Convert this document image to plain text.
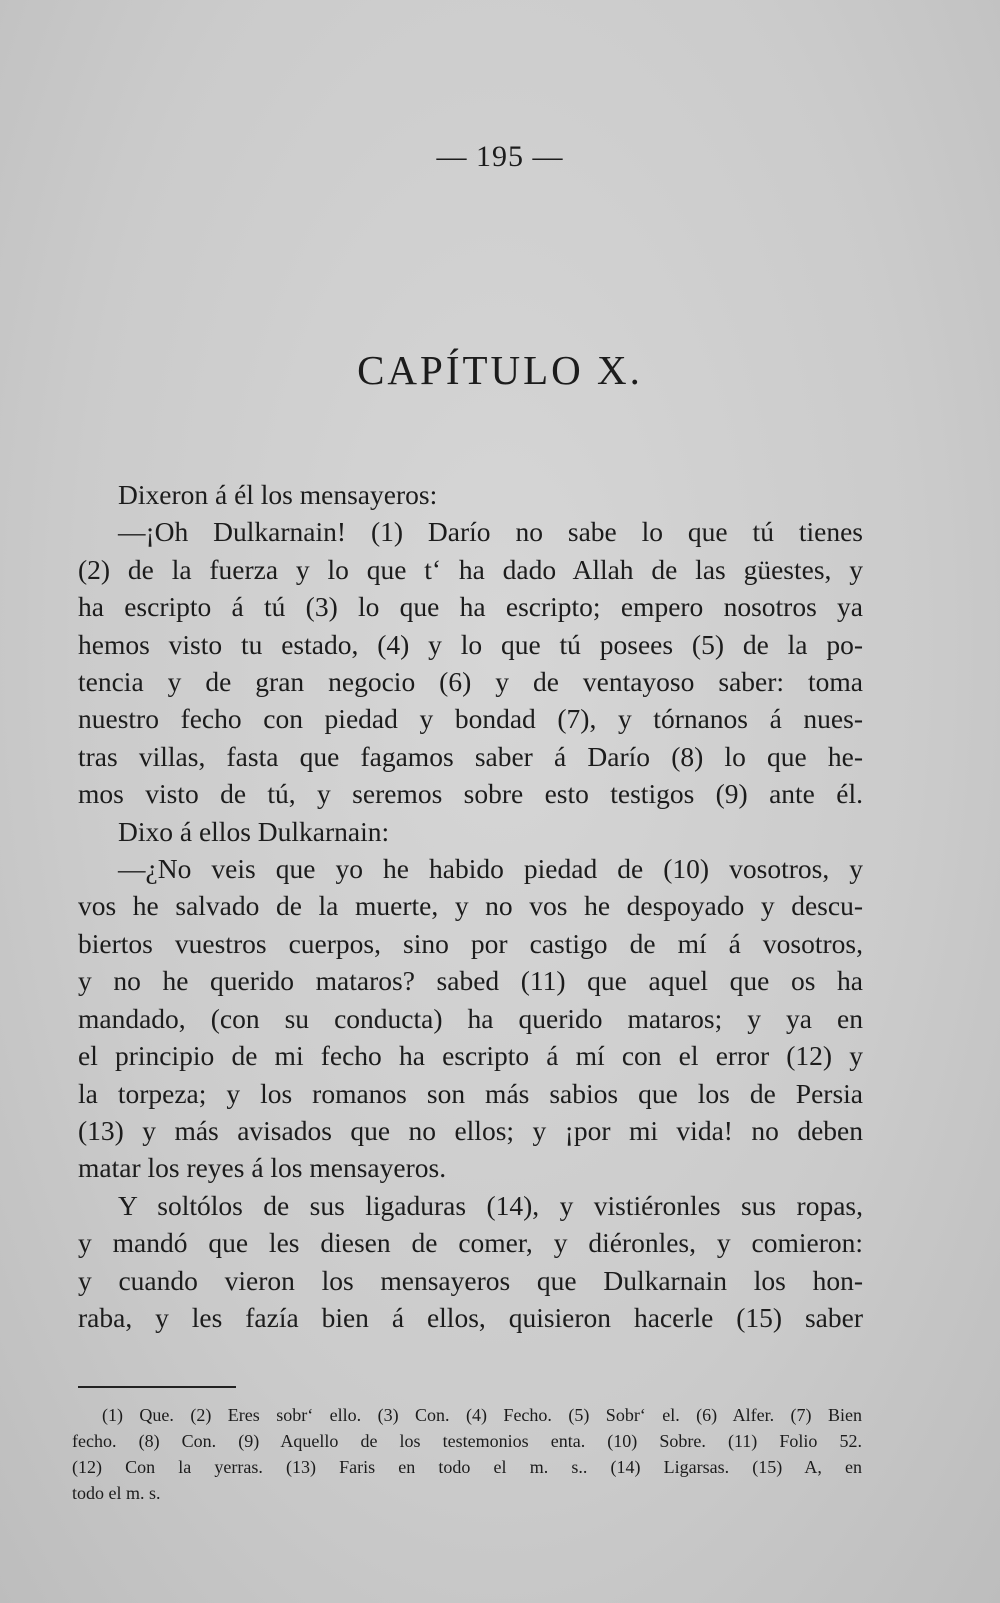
— 195 —
CAPÍTULO X.
Dixeron á él los mensayeros:
—¡Oh Dulkarnain! (1) Darío no sabe lo que tú tienes
(2) de la fuerza y lo que t‘ ha dado Allah de las güestes, y
ha escripto á tú (3) lo que ha escripto; empero nosotros ya
hemos visto tu estado, (4) y lo que tú posees (5) de la po-
tencia y de gran negocio (6) y de ventayoso saber: toma
nuestro fecho con piedad y bondad (7), y tórnanos á nues-
tras villas, fasta que fagamos saber á Darío (8) lo que he-
mos visto de tú, y seremos sobre esto testigos (9) ante él.
Dixo á ellos Dulkarnain:
—¿No veis que yo he habido piedad de (10) vosotros, y
vos he salvado de la muerte, y no vos he despoyado y descu-
biertos vuestros cuerpos, sino por castigo de mí á vosotros,
y no he querido mataros? sabed (11) que aquel que os ha
mandado, (con su conducta) ha querido mataros; y ya en
el principio de mi fecho ha escripto á mí con el error (12) y
la torpeza; y los romanos son más sabios que los de Persia
(13) y más avisados que no ellos; y ¡por mi vida! no deben
matar los reyes á los mensayeros.
Y soltólos de sus ligaduras (14), y vistiéronles sus ropas,
y mandó que les diesen de comer, y diéronles, y comieron:
y cuando vieron los mensayeros que Dulkarnain los hon-
raba, y les fazía bien á ellos, quisieron hacerle (15) saber
(1) Que. (2) Eres sobr‘ ello. (3) Con. (4) Fecho. (5) Sobr‘ el. (6) Alfer. (7) Bien
fecho. (8) Con. (9) Aquello de los testemonios enta. (10) Sobre. (11) Folio 52.
(12) Con la yerras. (13) Faris en todo el m. s.. (14) Ligarsas. (15) A, en
todo el m. s.
